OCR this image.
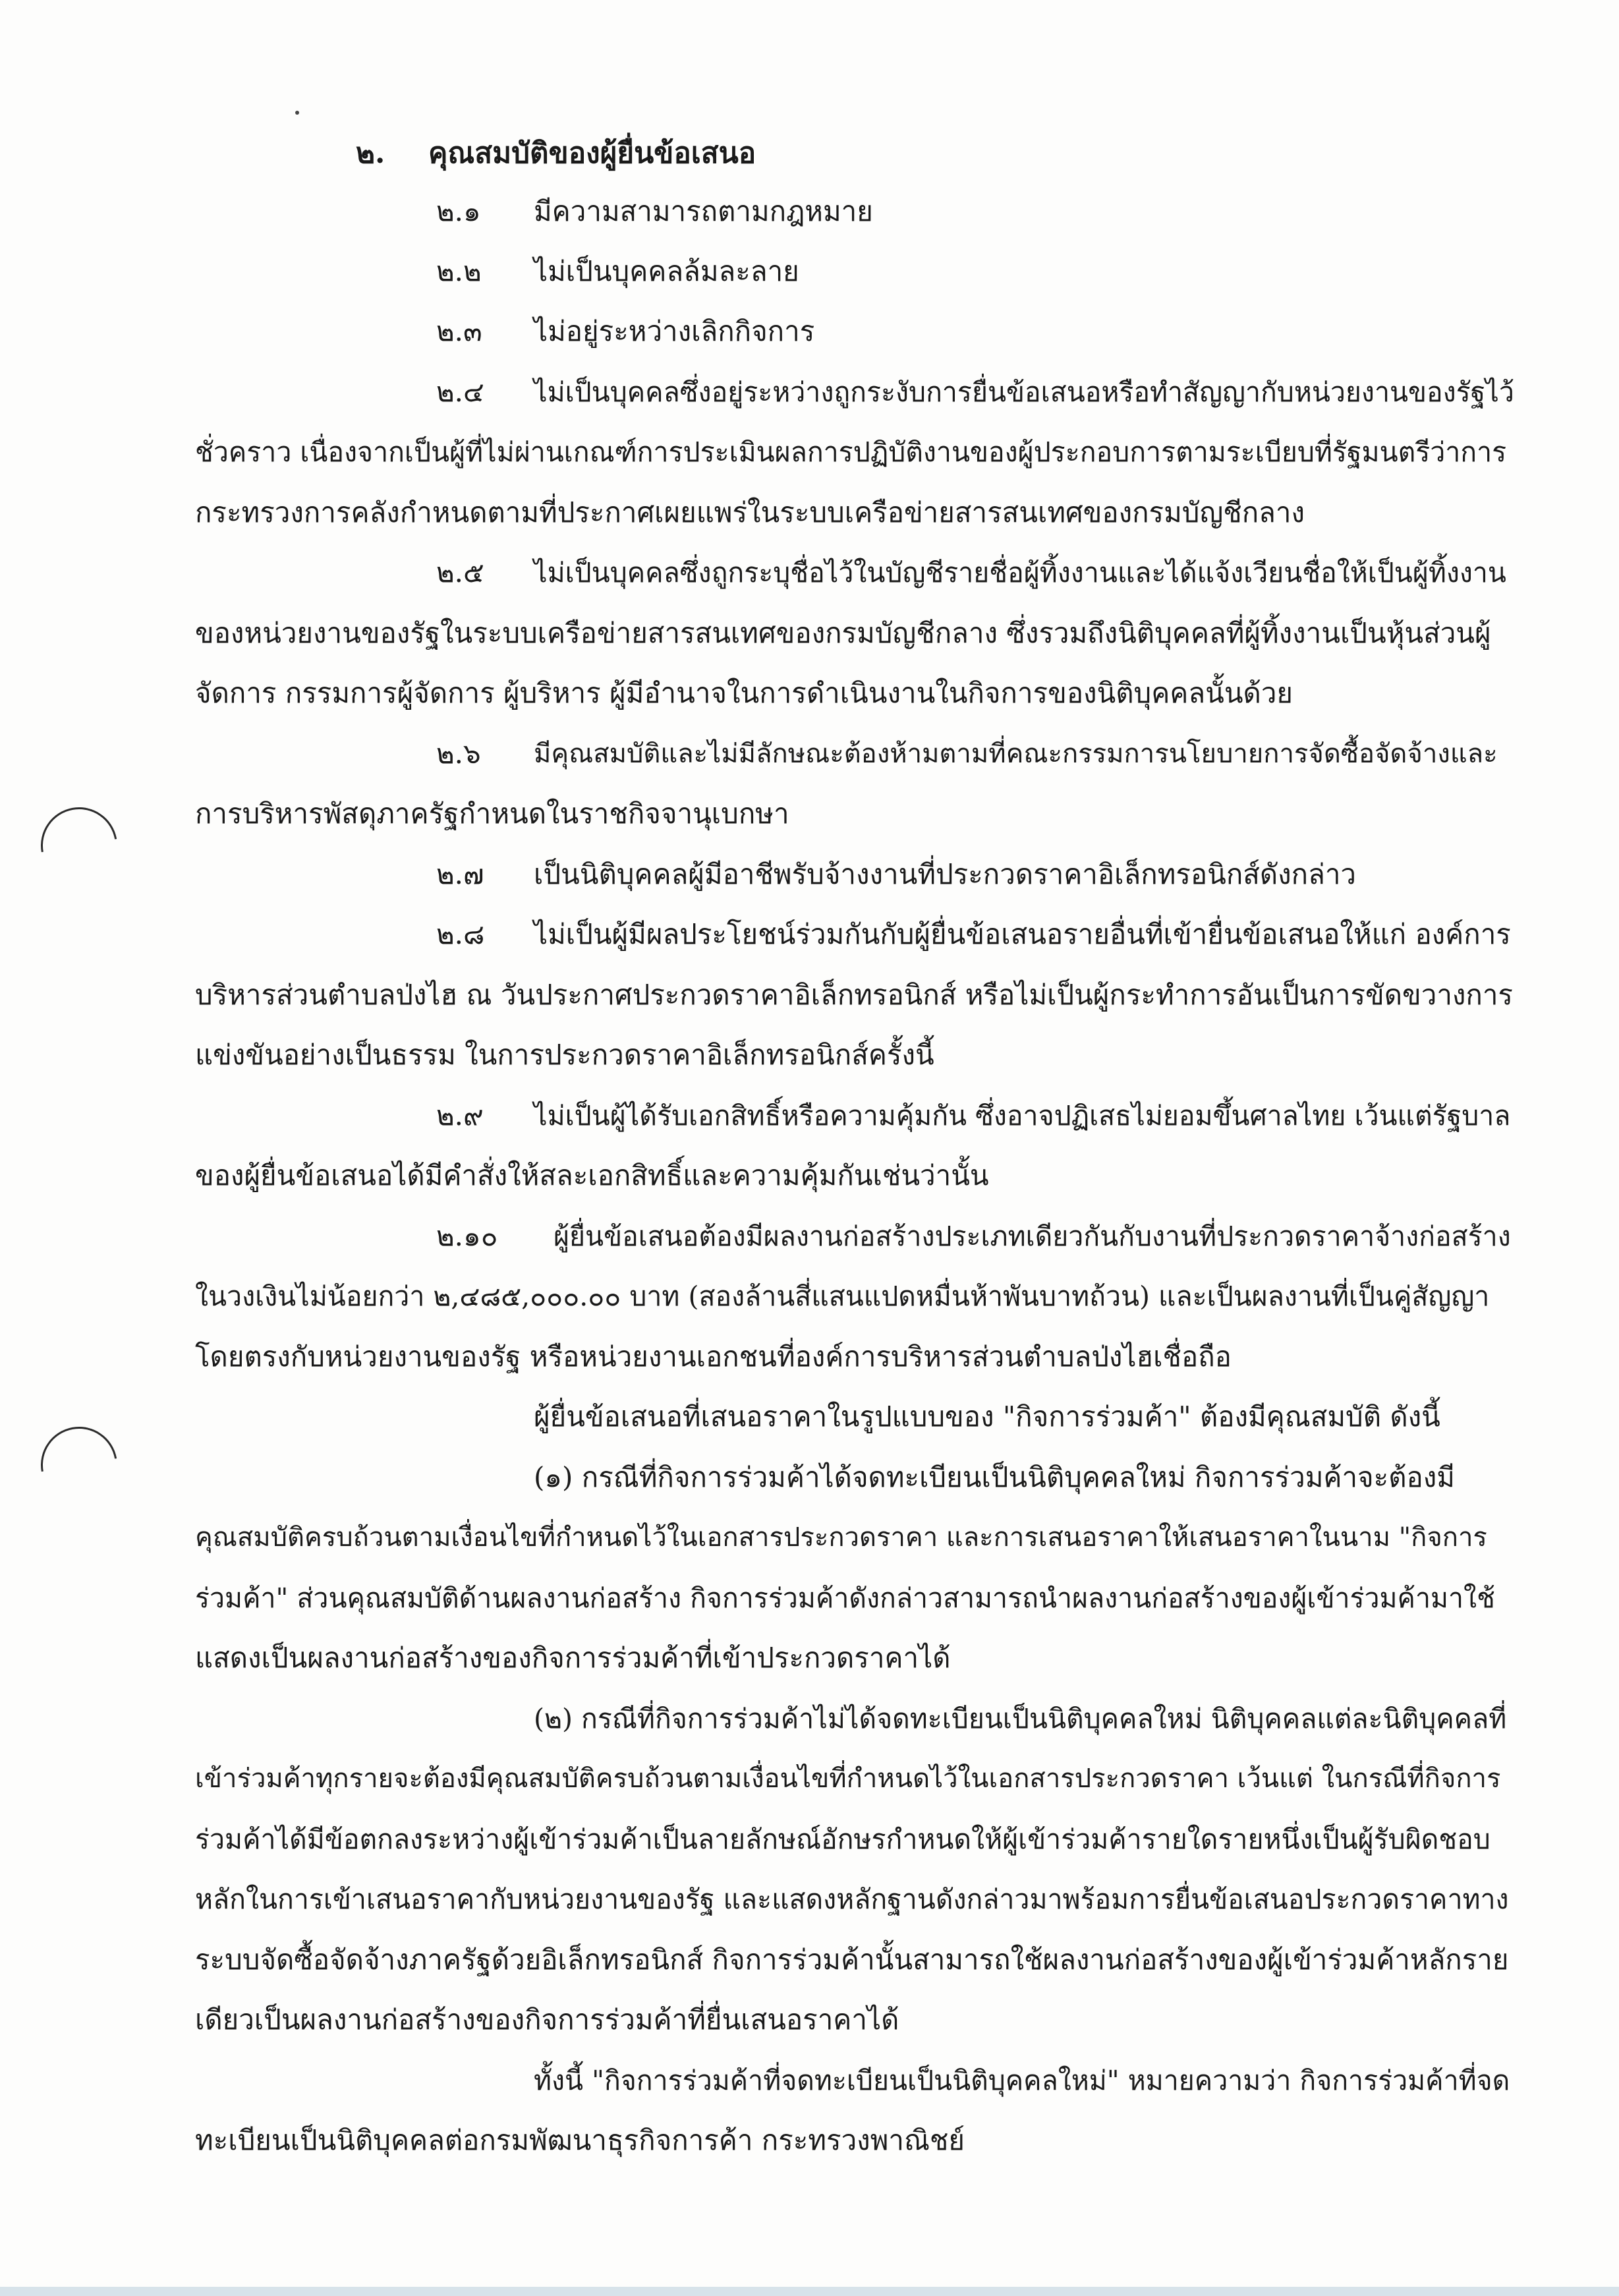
๒. คุณสมบัติของผู้ยื่นข้อเสนอ
๒.๑ มีความสามารถตามกฎหมาย
๒.๒ ไม่เป็นบุคคลล้มละลาย
๒.๓ ไม่อยู่ระหว่างเลิกกิจการ
๒.๔ ไม่เป็นบุคคลซึ่งอยู่ระหว่างถูกระงับการยื่นข้อเสนอหรือทำสัญญากับหน่วยงานของรัฐไว้
ชั่วคราว เนื่องจากเป็นผู้ที่ไม่ผ่านเกณฑ์การประเมินผลการปฏิบัติงานของผู้ประกอบการตามระเบียบที่รัฐมนตรีว่าการ
กระทรวงการคลังกำหนดตามที่ประกาศเผยแพร่ในระบบเครือข่ายสารสนเทศของกรมบัญชีกลาง
๒.๕ ไม่เป็นบุคคลซึ่งถูกระบุชื่อไว้ในบัญชีรายชื่อผู้ทิ้งงานและได้แจ้งเวียนชื่อให้เป็นผู้ทิ้งงาน
ของหน่วยงานของรัฐในระบบเครือข่ายสารสนเทศของกรมบัญชีกลาง ซึ่งรวมถึงนิติบุคคลที่ผู้ทิ้งงานเป็นหุ้นส่วนผู้
จัดการ กรรมการผู้จัดการ ผู้บริหาร ผู้มีอำนาจในการดำเนินงานในกิจการของนิติบุคคลนั้นด้วย
๒.๖ มีคุณสมบัติและไม่มีลักษณะต้องห้ามตามที่คณะกรรมการนโยบายการจัดซื้อจัดจ้างและ
การบริหารพัสดุภาครัฐกำหนดในราชกิจจานุเบกษา
๒.๗ เป็นนิติบุคคลผู้มีอาชีพรับจ้างงานที่ประกวดราคาอิเล็กทรอนิกส์ดังกล่าว
๒.๘ ไม่เป็นผู้มีผลประโยชน์ร่วมกันกับผู้ยื่นข้อเสนอรายอื่นที่เข้ายื่นข้อเสนอให้แก่ องค์การ
บริหารส่วนตำบลป่งไฮ ณ วันประกาศประกวดราคาอิเล็กทรอนิกส์ หรือไม่เป็นผู้กระทำการอันเป็นการขัดขวางการ
แข่งขันอย่างเป็นธรรม ในการประกวดราคาอิเล็กทรอนิกส์ครั้งนี้
๒.๙ ไม่เป็นผู้ได้รับเอกสิทธิ์หรือความคุ้มกัน ซึ่งอาจปฏิเสธไม่ยอมขึ้นศาลไทย เว้นแต่รัฐบาล
ของผู้ยื่นข้อเสนอได้มีคำสั่งให้สละเอกสิทธิ์และความคุ้มกันเช่นว่านั้น
๒.๑๐ ผู้ยื่นข้อเสนอต้องมีผลงานก่อสร้างประเภทเดียวกันกับงานที่ประกวดราคาจ้างก่อสร้าง
ในวงเงินไม่น้อยกว่า ๒,๔๘๕,๐๐๐.๐๐ บาท (สองล้านสี่แสนแปดหมื่นห้าพันบาทถ้วน) และเป็นผลงานที่เป็นคู่สัญญา
โดยตรงกับหน่วยงานของรัฐ หรือหน่วยงานเอกชนที่องค์การบริหารส่วนตำบลป่งไฮเชื่อถือ
ผู้ยื่นข้อเสนอที่เสนอราคาในรูปแบบของ "กิจการร่วมค้า" ต้องมีคุณสมบัติ ดังนี้
(๑) กรณีที่กิจการร่วมค้าได้จดทะเบียนเป็นนิติบุคคลใหม่ กิจการร่วมค้าจะต้องมี
คุณสมบัติครบถ้วนตามเงื่อนไขที่กำหนดไว้ในเอกสารประกวดราคา และการเสนอราคาให้เสนอราคาในนาม "กิจการ
ร่วมค้า" ส่วนคุณสมบัติด้านผลงานก่อสร้าง กิจการร่วมค้าดังกล่าวสามารถนำผลงานก่อสร้างของผู้เข้าร่วมค้ามาใช้
แสดงเป็นผลงานก่อสร้างของกิจการร่วมค้าที่เข้าประกวดราคาได้
(๒) กรณีที่กิจการร่วมค้าไม่ได้จดทะเบียนเป็นนิติบุคคลใหม่ นิติบุคคลแต่ละนิติบุคคลที่
เข้าร่วมค้าทุกรายจะต้องมีคุณสมบัติครบถ้วนตามเงื่อนไขที่กำหนดไว้ในเอกสารประกวดราคา เว้นแต่ ในกรณีที่กิจการ
ร่วมค้าได้มีข้อตกลงระหว่างผู้เข้าร่วมค้าเป็นลายลักษณ์อักษรกำหนดให้ผู้เข้าร่วมค้ารายใดรายหนึ่งเป็นผู้รับผิดชอบ
หลักในการเข้าเสนอราคากับหน่วยงานของรัฐ และแสดงหลักฐานดังกล่าวมาพร้อมการยื่นข้อเสนอประกวดราคาทาง
ระบบจัดซื้อจัดจ้างภาครัฐด้วยอิเล็กทรอนิกส์ กิจการร่วมค้านั้นสามารถใช้ผลงานก่อสร้างของผู้เข้าร่วมค้าหลักราย
เดียวเป็นผลงานก่อสร้างของกิจการร่วมค้าที่ยื่นเสนอราคาได้
ทั้งนี้ "กิจการร่วมค้าที่จดทะเบียนเป็นนิติบุคคลใหม่" หมายความว่า กิจการร่วมค้าที่จด
ทะเบียนเป็นนิติบุคคลต่อกรมพัฒนาธุรกิจการค้า กระทรวงพาณิชย์
